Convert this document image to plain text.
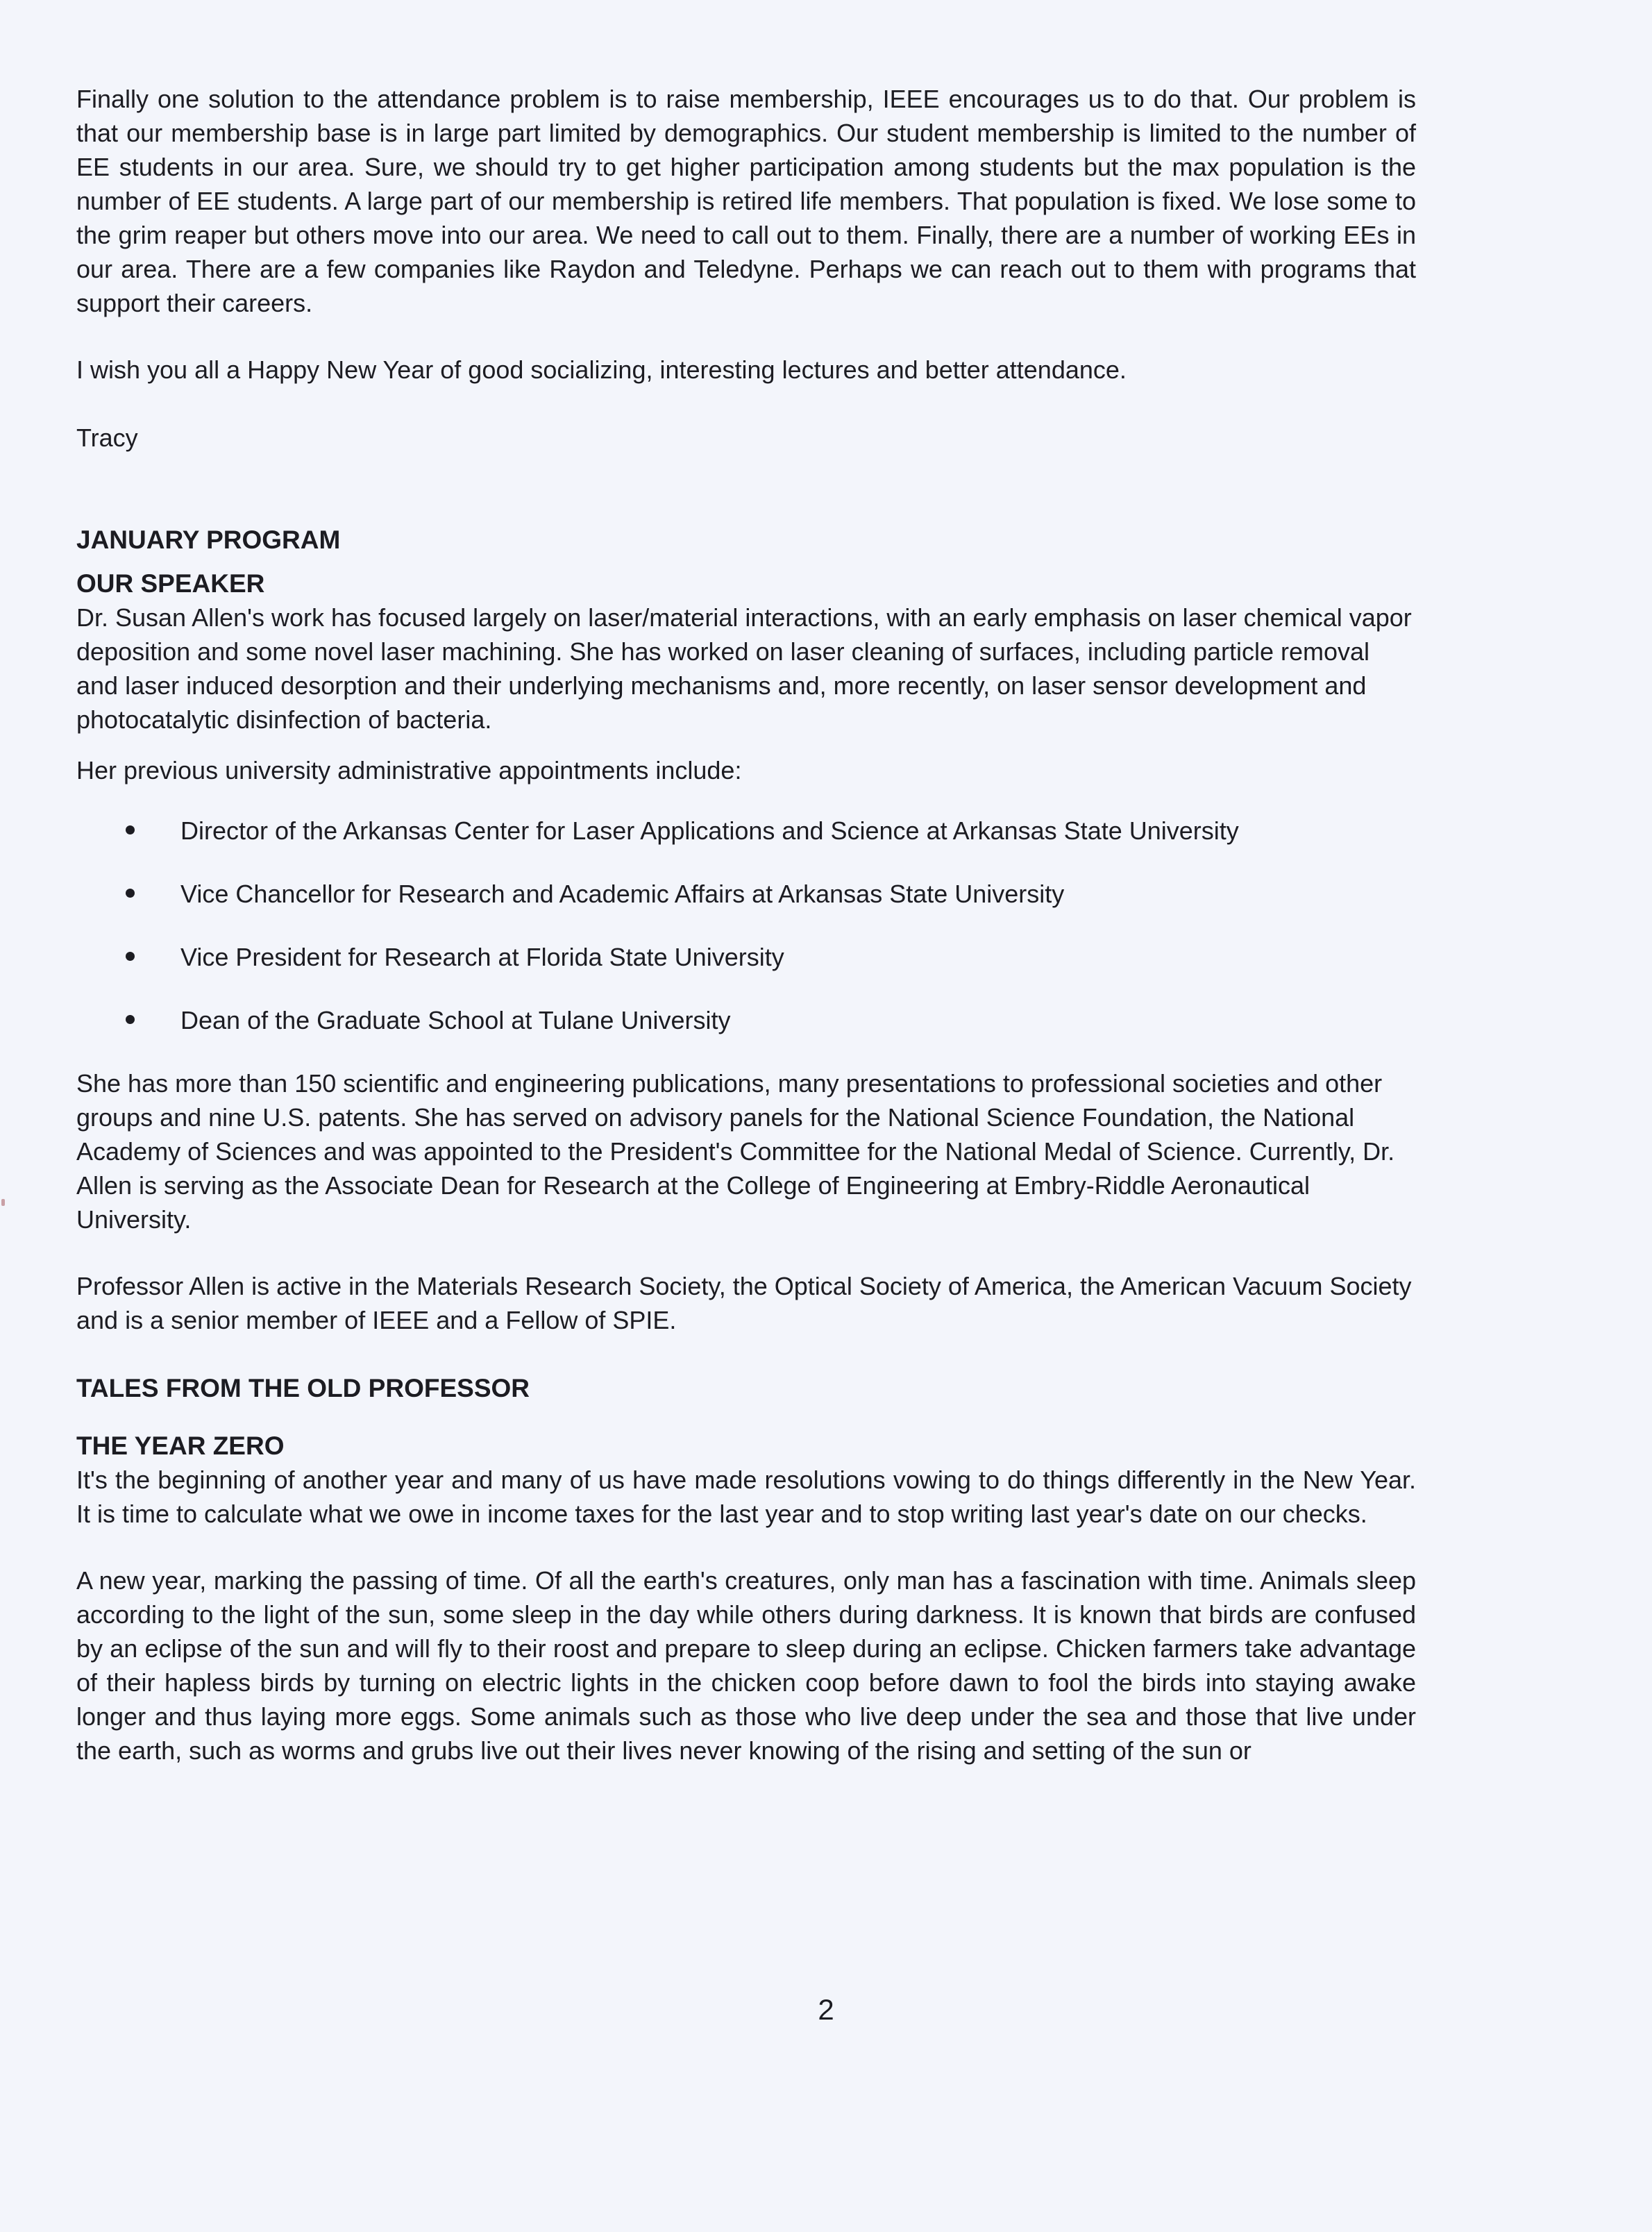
Finally one solution to the attendance problem is to raise membership, IEEE encourages us to do that. Our problem is that our membership base is in large part limited by demographics. Our student membership is limited to the number of EE students in our area. Sure, we should try to get higher participation among students but the max population is the number of EE students. A large part of our membership is retired life members. That population is fixed. We lose some to the grim reaper but others move into our area. We need to call out to them. Finally, there are a number of working EEs in our area. There are a few companies like Raydon and Teledyne. Perhaps we can reach out to them with programs that support their careers.

I wish you all a Happy New Year of good socializing, interesting lectures and better attendance.

Tracy

JANUARY PROGRAM

OUR SPEAKER

Dr. Susan Allen's work has focused largely on laser/material interactions, with an early emphasis on laser chemical vapor deposition and some novel laser machining. She has worked on laser cleaning of surfaces, including particle removal and laser induced desorption and their underlying mechanisms and, more recently, on laser sensor development and photocatalytic disinfection of bacteria.

Her previous university administrative appointments include:

Director of the Arkansas Center for Laser Applications and Science at Arkansas State University
Vice Chancellor for Research and Academic Affairs at Arkansas State University
Vice President for Research at Florida State University
Dean of the Graduate School at Tulane University

She has more than 150 scientific and engineering publications, many presentations to professional societies and other groups and nine U.S. patents. She has served on advisory panels for the National Science Foundation, the National Academy of Sciences and was appointed to the President's Committee for the National Medal of Science. Currently, Dr. Allen is serving as the Associate Dean for Research at the College of Engineering at Embry-Riddle Aeronautical University.

Professor Allen is active in the Materials Research Society, the Optical Society of America, the American Vacuum Society and is a senior member of IEEE and a Fellow of SPIE.

TALES FROM THE OLD PROFESSOR

THE YEAR ZERO

It's the beginning of another year and many of us have made resolutions vowing to do things differently in the New Year. It is time to calculate what we owe in income taxes for the last year and to stop writing last year's date on our checks.

A new year, marking the passing of time. Of all the earth's creatures, only man has a fascination with time. Animals sleep according to the light of the sun, some sleep in the day while others during darkness. It is known that birds are confused by an eclipse of the sun and will fly to their roost and prepare to sleep during an eclipse. Chicken farmers take advantage of their hapless birds by turning on electric lights in the chicken coop before dawn to fool the birds into staying awake longer and thus laying more eggs. Some animals such as those who live deep under the sea and those that live under the earth, such as worms and grubs live out their lives never knowing of the rising and setting of the sun or

2
